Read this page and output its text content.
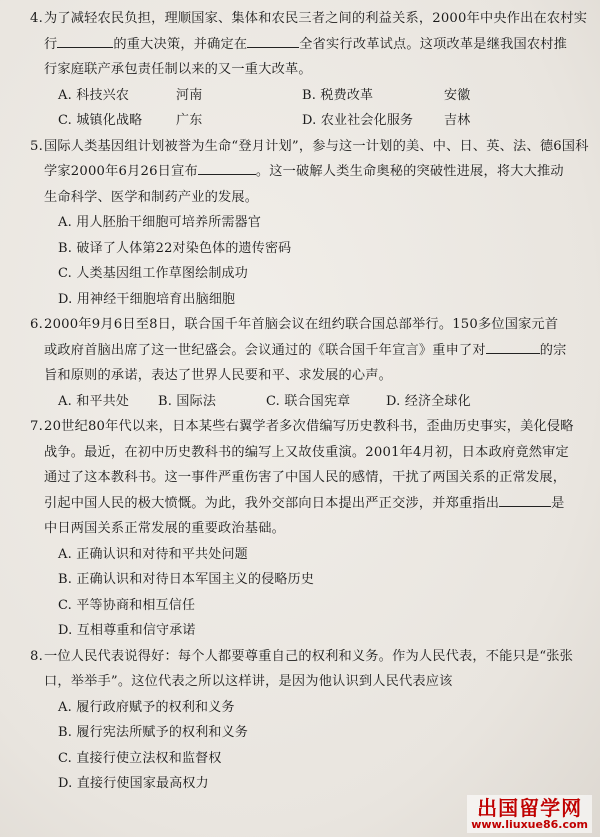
4.为了减轻农民负担，理顺国家、集体和农民三者之间的利益关系，2000年中央作出在农村实
行	的重大决策，并确定在	全省实行改革试点。这项改革是继我国农村推
行家庭联产承包责任制以来的又一重大改革。
A. 科技兴农	河南	B. 税费改革	安徽
C. 城镇化战略	广东	D. 农业社会化服务	吉林
5.国际人类基因组计划被誉为生命“登月计划”，参与这一计划的美、中、日、英、法、德6国科
学家2000年6月26日宣布	。这一破解人类生命奥秘的突破性进展，将大大推动
生命科学、医学和制药产业的发展。
A. 用人胚胎干细胞可培养所需器官
B. 破译了人体第22对染色体的遗传密码
C. 人类基因组工作草图绘制成功
D. 用神经干细胞培育出脑细胞
6.2000年9月6日至8日，联合国千年首脑会议在纽约联合国总部举行。150多位国家元首
或政府首脑出席了这一世纪盛会。会议通过的《联合国千年宣言》重申了对	的宗
旨和原则的承诺，表达了世界人民要和平、求发展的心声。
A. 和平共处	B. 国际法	C. 联合国宪章	D. 经济全球化
7.20世纪80年代以来，日本某些右翼学者多次借编写历史教科书，歪曲历史事实，美化侵略
战争。最近，在初中历史教科书的编写上又故伎重演。2001年4月初，日本政府竟然审定
通过了这本教科书。这一事件严重伤害了中国人民的感情，干扰了两国关系的正常发展，
引起中国人民的极大愤慨。为此，我外交部向日本提出严正交涉，并郑重指出	是
中日两国关系正常发展的重要政治基础。
A. 正确认识和对待和平共处问题
B. 正确认识和对待日本军国主义的侵略历史
C. 平等协商和相互信任
D. 互相尊重和信守承诺
8.一位人民代表说得好：每个人都要尊重自己的权利和义务。作为人民代表，不能只是“张张
口，举举手”。这位代表之所以这样讲，是因为他认识到人民代表应该
A. 履行政府赋予的权利和义务
B. 履行宪法所赋予的权利和义务
C. 直接行使立法权和监督权
D. 直接行使国家最高权力
出国留学网
www.liuxue86.com
